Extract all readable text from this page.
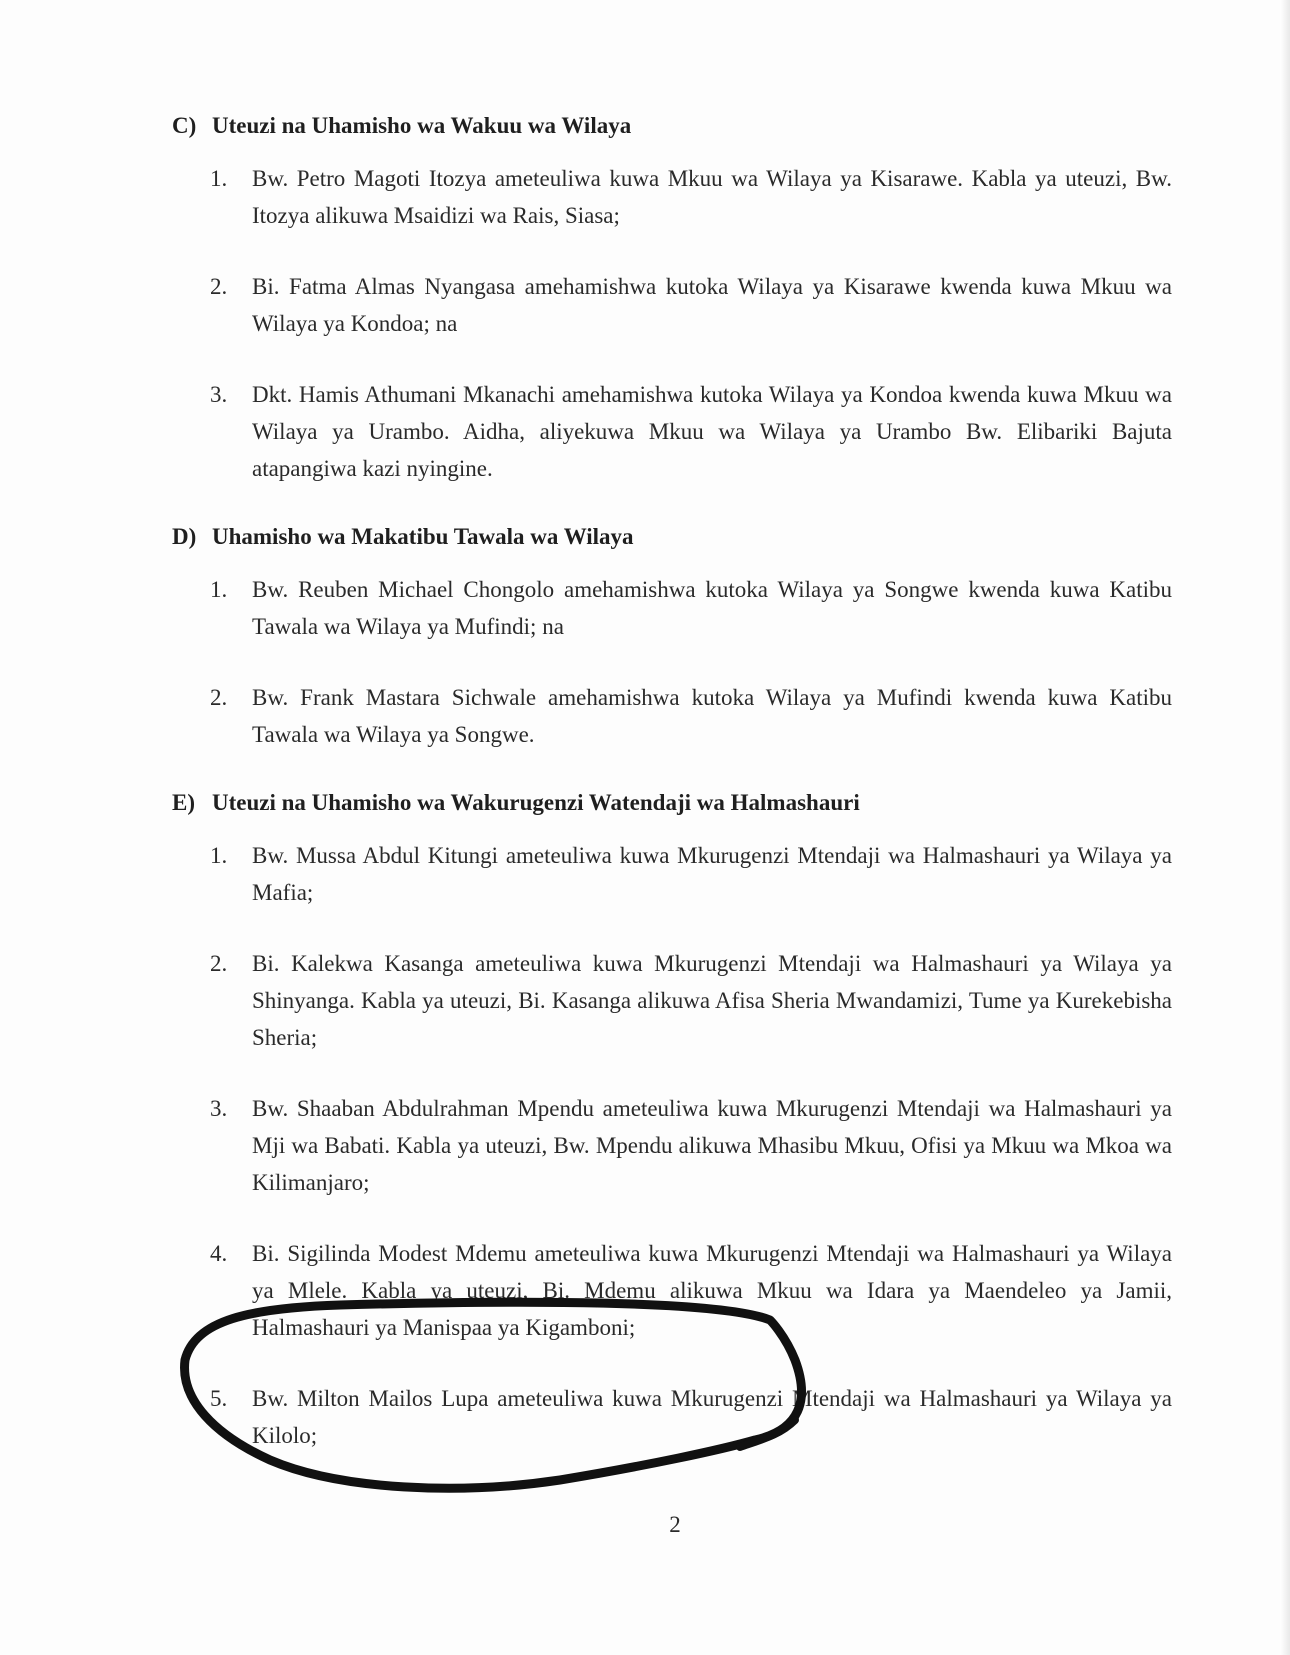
C) Uteuzi na Uhamisho wa Wakuu wa Wilaya
1.	Bw. Petro Magoti Itozya ameteuliwa kuwa Mkuu wa Wilaya ya Kisarawe. Kabla ya uteuzi, Bw. Itozya alikuwa Msaidizi wa Rais, Siasa;
2.	Bi. Fatma Almas Nyangasa amehamishwa kutoka Wilaya ya Kisarawe kwenda kuwa Mkuu wa Wilaya ya Kondoa; na
3.	Dkt. Hamis Athumani Mkanachi amehamishwa kutoka Wilaya ya Kondoa kwenda kuwa Mkuu wa Wilaya ya Urambo. Aidha, aliyekuwa Mkuu wa Wilaya ya Urambo Bw. Elibariki Bajuta atapangiwa kazi nyingine.
D) Uhamisho wa Makatibu Tawala wa Wilaya
1.	Bw. Reuben Michael Chongolo amehamishwa kutoka Wilaya ya Songwe kwenda kuwa Katibu Tawala wa Wilaya ya Mufindi; na
2.	Bw. Frank Mastara Sichwale amehamishwa kutoka Wilaya ya Mufindi kwenda kuwa Katibu Tawala wa Wilaya ya Songwe.
E) Uteuzi na Uhamisho wa Wakurugenzi Watendaji wa Halmashauri
1.	Bw. Mussa Abdul Kitungi ameteuliwa kuwa Mkurugenzi Mtendaji wa Halmashauri ya Wilaya ya Mafia;
2.	Bi. Kalekwa Kasanga ameteuliwa kuwa Mkurugenzi Mtendaji wa Halmashauri ya Wilaya ya Shinyanga. Kabla ya uteuzi, Bi. Kasanga alikuwa Afisa Sheria Mwandamizi, Tume ya Kurekebisha Sheria;
3.	Bw. Shaaban Abdulrahman Mpendu ameteuliwa kuwa Mkurugenzi Mtendaji wa Halmashauri ya Mji wa Babati. Kabla ya uteuzi, Bw. Mpendu alikuwa Mhasibu Mkuu, Ofisi ya Mkuu wa Mkoa wa Kilimanjaro;
4.	Bi. Sigilinda Modest Mdemu ameteuliwa kuwa Mkurugenzi Mtendaji wa Halmashauri ya Wilaya ya Mlele. Kabla ya uteuzi, Bi. Mdemu alikuwa Mkuu wa Idara ya Maendeleo ya Jamii, Halmashauri ya Manispaa ya Kigamboni;
5.	Bw. Milton Mailos Lupa ameteuliwa kuwa Mkurugenzi Mtendaji wa Halmashauri ya Wilaya ya Kilolo;
2
